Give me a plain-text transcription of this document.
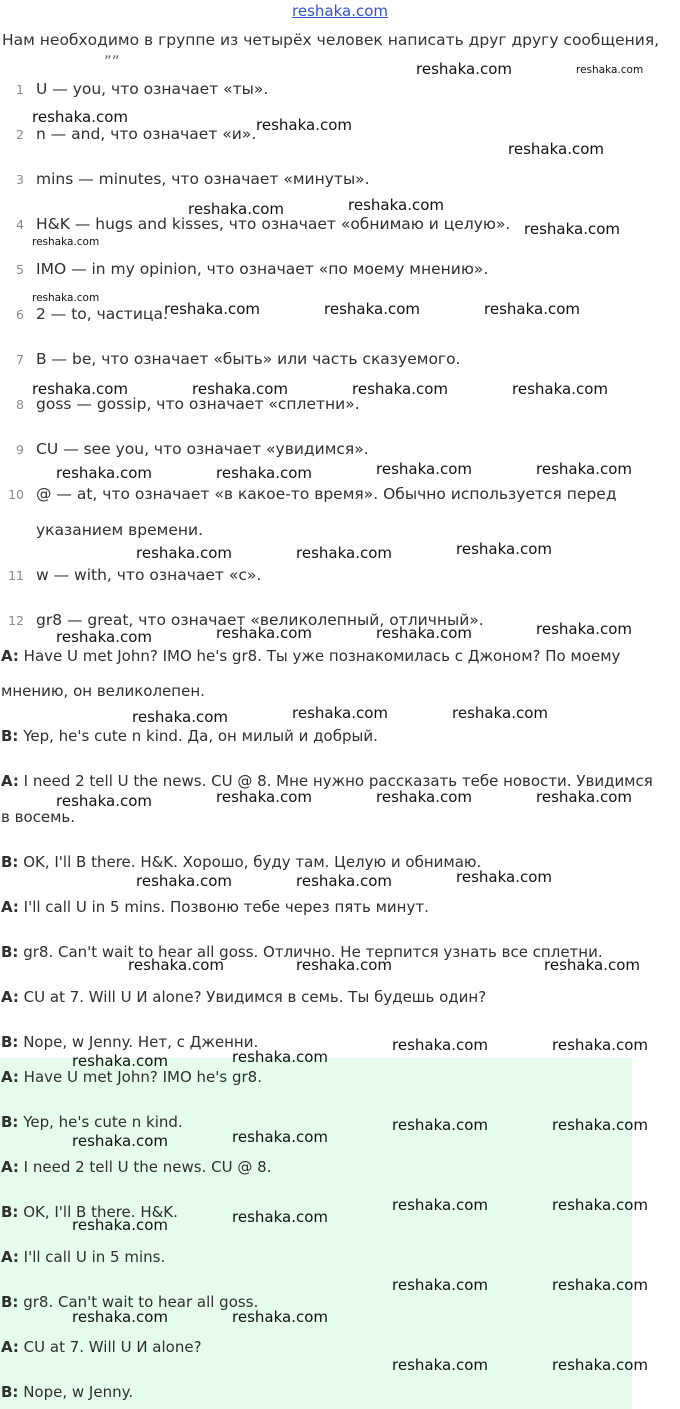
reshaka.com
Нам необходимо в группе из четырёх человек написать друг другу сообщения,
1 U — you, что означает «ты».
2 n — and, что означает «и».
3 mins — minutes, что означает «минуты».
4 H&K — hugs and kisses, что означает «обнимаю и целую».
5 IMO — in my opinion, что означает «по моему мнению».
6 2 — to, частица.
7 B — be, что означает «быть» или часть сказуемого.
8 goss — gossip, что означает «сплетни».
9 CU — see you, что означает «увидимся».
10 @ — at, что означает «в какое-то время». Обычно используется перед
указанием времени.
11 w — with, что означает «с».
12 gr8 — great, что означает «великолепный, отличный».
A: Have U met John? IMO he's gr8. Ты уже познакомилась с Джоном? По моему
мнению, он великолепен.
B: Yep, he's cute n kind. Да, он милый и добрый.
A: I need 2 tell U the news. CU @ 8. Мне нужно рассказать тебе новости. Увидимся
в восемь.
B: OK, I'll B there. H&K. Хорошо, буду там. Целую и обнимаю.
A: I'll call U in 5 mins. Позвоню тебе через пять минут.
B: gr8. Can't wait to hear all goss. Отлично. Не терпится узнать все сплетни.
A: CU at 7. Will U И alone? Увидимся в семь. Ты будешь один?
B: Nope, w Jenny. Нет, с Дженни.
A: Have U met John? IMO he's gr8.
B: Yep, he's cute n kind.
A: I need 2 tell U the news. CU @ 8.
B: OK, I'll B there. H&K.
A: I'll call U in 5 mins.
B: gr8. Can't wait to hear all goss.
A: CU at 7. Will U И alone?
B: Nope, w Jenny.
reshaka.com	reshaka.com
reshaka.com	reshaka.com
reshaka.com
reshaka.com	reshaka.com
reshaka.com
reshaka.com
reshaka.com
reshaka.com	reshaka.com	reshaka.com
reshaka.com	reshaka.com	reshaka.com	reshaka.com
reshaka.com	reshaka.com	reshaka.com	reshaka.com
reshaka.com	reshaka.com	reshaka.com
reshaka.com	reshaka.com	reshaka.com	reshaka.com
reshaka.com	reshaka.com	reshaka.com
reshaka.com	reshaka.com	reshaka.com	reshaka.com
reshaka.com	reshaka.com	reshaka.com
reshaka.com	reshaka.com	reshaka.com
reshaka.com	reshaka.com
reshaka.com	reshaka.com
reshaka.com	reshaka.com
reshaka.com	reshaka.com
reshaka.com	reshaka.com
reshaka.com	reshaka.com
reshaka.com	reshaka.com
reshaka.com	reshaka.com
reshaka.com	reshaka.com
